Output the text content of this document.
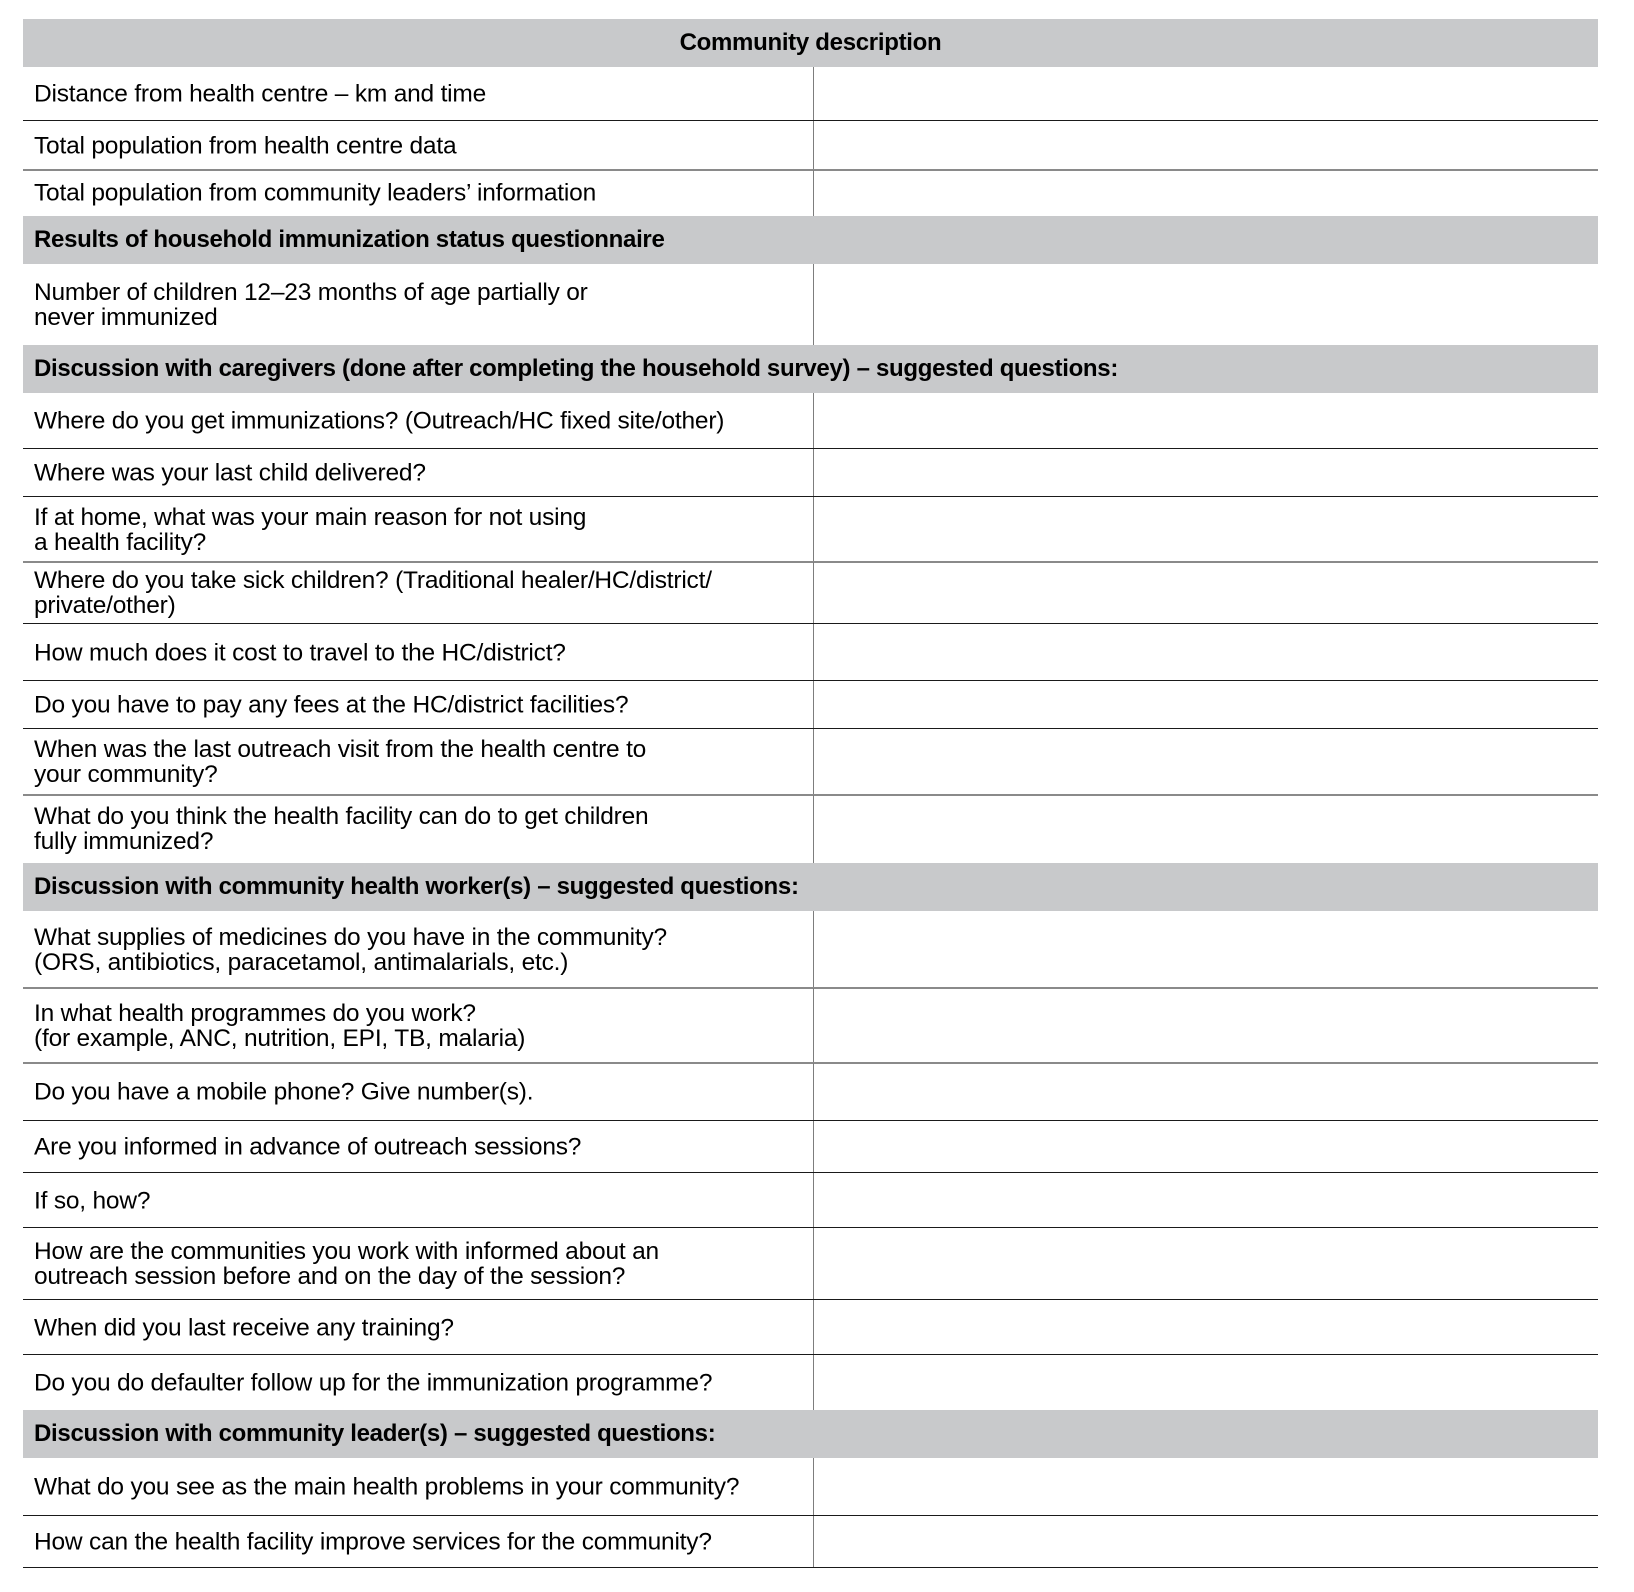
Community description
Distance from health centre – km and time
Total population from health centre data
Total population from community leaders’ information
Results of household immunization status questionnaire
Number of children 12–23 months of age partially or
never immunized
Discussion with caregivers (done after completing the household survey) – suggested questions:
Where do you get immunizations? (Outreach/HC fixed site/other)
Where was your last child delivered?
If at home, what was your main reason for not using
a health facility?
Where do you take sick children? (Traditional healer/HC/district/
private/other)
How much does it cost to travel to the HC/district?
Do you have to pay any fees at the HC/district facilities?
When was the last outreach visit from the health centre to
your community?
What do you think the health facility can do to get children
fully immunized?
Discussion with community health worker(s) – suggested questions:
What supplies of medicines do you have in the community?
(ORS, antibiotics, paracetamol, antimalarials, etc.)
In what health programmes do you work?
(for example, ANC, nutrition, EPI, TB, malaria)
Do you have a mobile phone? Give number(s).
Are you informed in advance of outreach sessions?
If so, how?
How are the communities you work with informed about an
outreach session before and on the day of the session?
When did you last receive any training?
Do you do defaulter follow up for the immunization programme?
Discussion with community leader(s) – suggested questions:
What do you see as the main health problems in your community?
How can the health facility improve services for the community?
